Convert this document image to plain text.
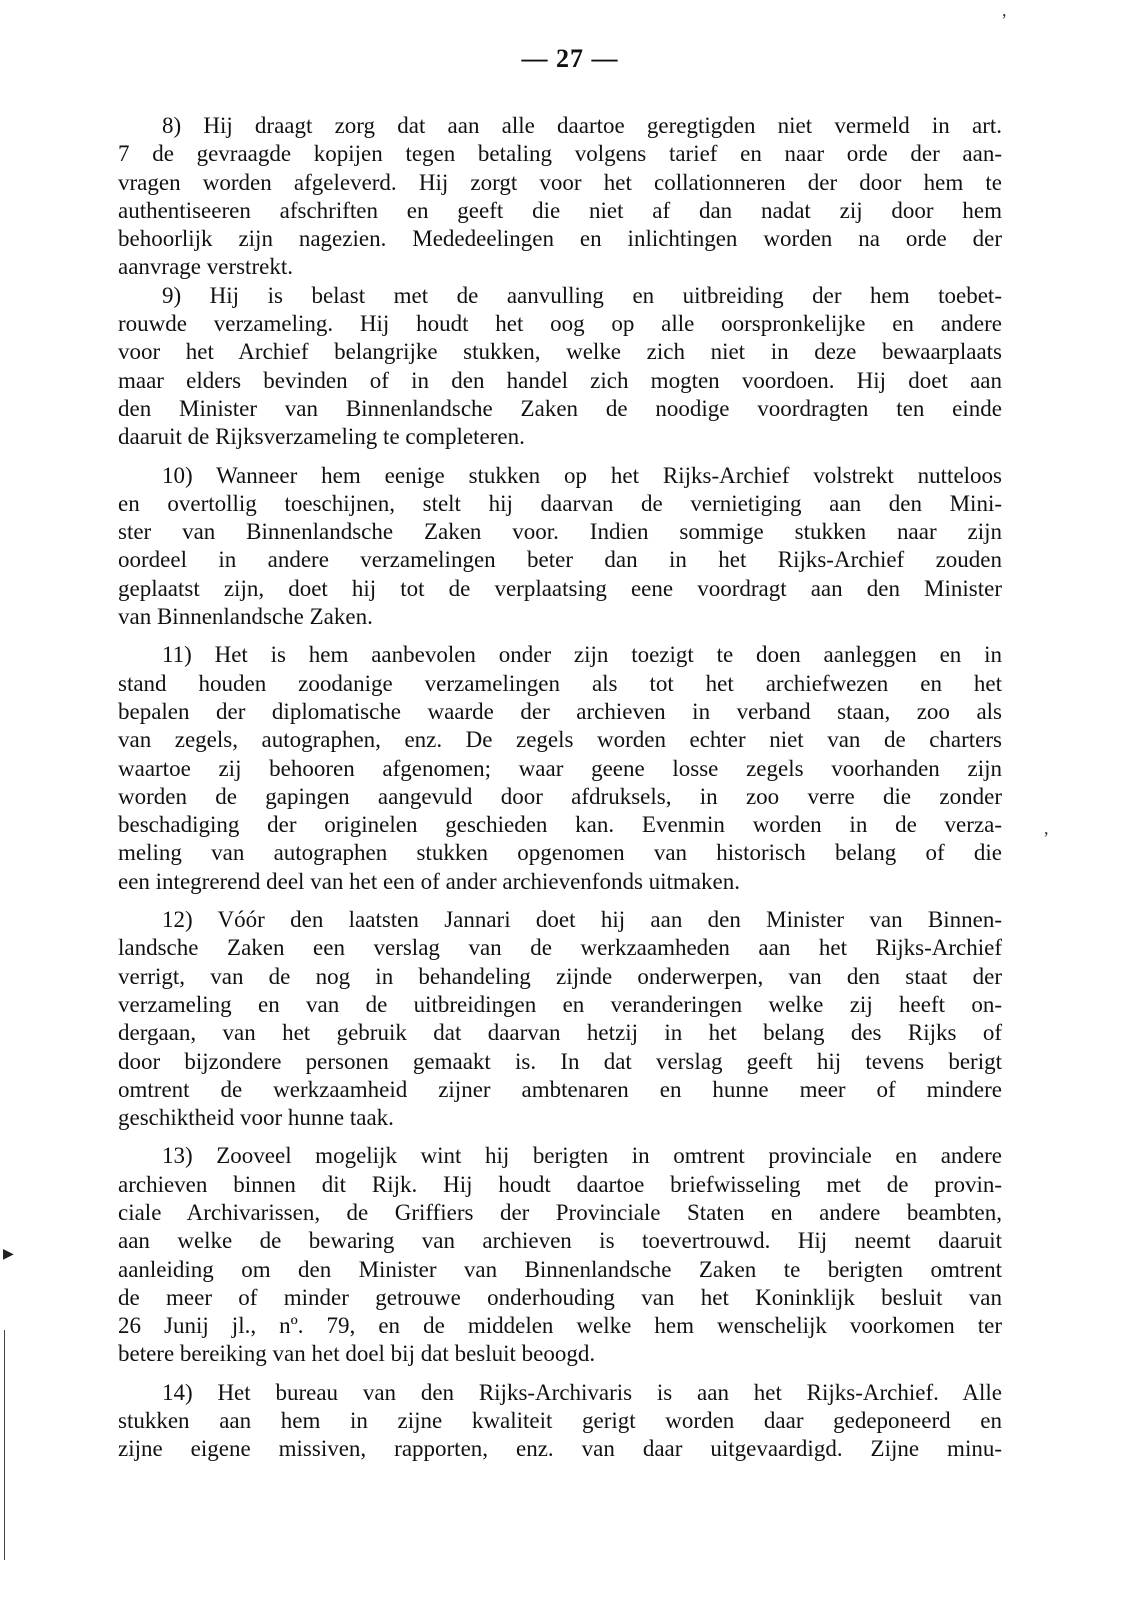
— 27 —
8) Hij draagt zorg dat aan alle daartoe geregtigden niet vermeld in art.
7 de gevraagde kopijen tegen betaling volgens tarief en naar orde der aan-
vragen worden afgeleverd. Hij zorgt voor het collationneren der door hem te
authentiseeren afschriften en geeft die niet af dan nadat zij door hem
behoorlijk zijn nagezien. Mededeelingen en inlichtingen worden na orde der
aanvrage verstrekt.
9) Hij is belast met de aanvulling en uitbreiding der hem toebet-
rouwde verzameling. Hij houdt het oog op alle oorspronkelijke en andere
voor het Archief belangrijke stukken, welke zich niet in deze bewaarplaats
maar elders bevinden of in den handel zich mogten voordoen. Hij doet aan
den Minister van Binnenlandsche Zaken de noodige voordragten ten einde
daaruit de Rijksverzameling te completeren.
10) Wanneer hem eenige stukken op het Rijks-Archief volstrekt nutteloos
en overtollig toeschijnen, stelt hij daarvan de vernietiging aan den Mini-
ster van Binnenlandsche Zaken voor. Indien sommige stukken naar zijn
oordeel in andere verzamelingen beter dan in het Rijks-Archief zouden
geplaatst zijn, doet hij tot de verplaatsing eene voordragt aan den Minister
van Binnenlandsche Zaken.
11) Het is hem aanbevolen onder zijn toezigt te doen aanleggen en in
stand houden zoodanige verzamelingen als tot het archiefwezen en het
bepalen der diplomatische waarde der archieven in verband staan, zoo als
van zegels, autographen, enz. De zegels worden echter niet van de charters
waartoe zij behooren afgenomen; waar geene losse zegels voorhanden zijn
worden de gapingen aangevuld door afdruksels, in zoo verre die zonder
beschadiging der originelen geschieden kan. Evenmin worden in de verza-
meling van autographen stukken opgenomen van historisch belang of die
een integrerend deel van het een of ander archievenfonds uitmaken.
12) Vóór den laatsten Jannari doet hij aan den Minister van Binnen-
landsche Zaken een verslag van de werkzaamheden aan het Rijks-Archief
verrigt, van de nog in behandeling zijnde onderwerpen, van den staat der
verzameling en van de uitbreidingen en veranderingen welke zij heeft on-
dergaan, van het gebruik dat daarvan hetzij in het belang des Rijks of
door bijzondere personen gemaakt is. In dat verslag geeft hij tevens berigt
omtrent de werkzaamheid zijner ambtenaren en hunne meer of mindere
geschiktheid voor hunne taak.
13) Zooveel mogelijk wint hij berigten in omtrent provinciale en andere
archieven binnen dit Rijk. Hij houdt daartoe briefwisseling met de provin-
ciale Archivarissen, de Griffiers der Provinciale Staten en andere beambten,
aan welke de bewaring van archieven is toevertrouwd. Hij neemt daaruit
aanleiding om den Minister van Binnenlandsche Zaken te berigten omtrent
de meer of minder getrouwe onderhouding van het Koninklijk besluit van
26 Junij jl., nº. 79, en de middelen welke hem wenschelijk voorkomen ter
betere bereiking van het doel bij dat besluit beoogd.
14) Het bureau van den Rijks-Archivaris is aan het Rijks-Archief. Alle
stukken aan hem in zijne kwaliteit gerigt worden daar gedeponeerd en
zijne eigene missiven, rapporten, enz. van daar uitgevaardigd. Zijne minu-
▶
,
,
